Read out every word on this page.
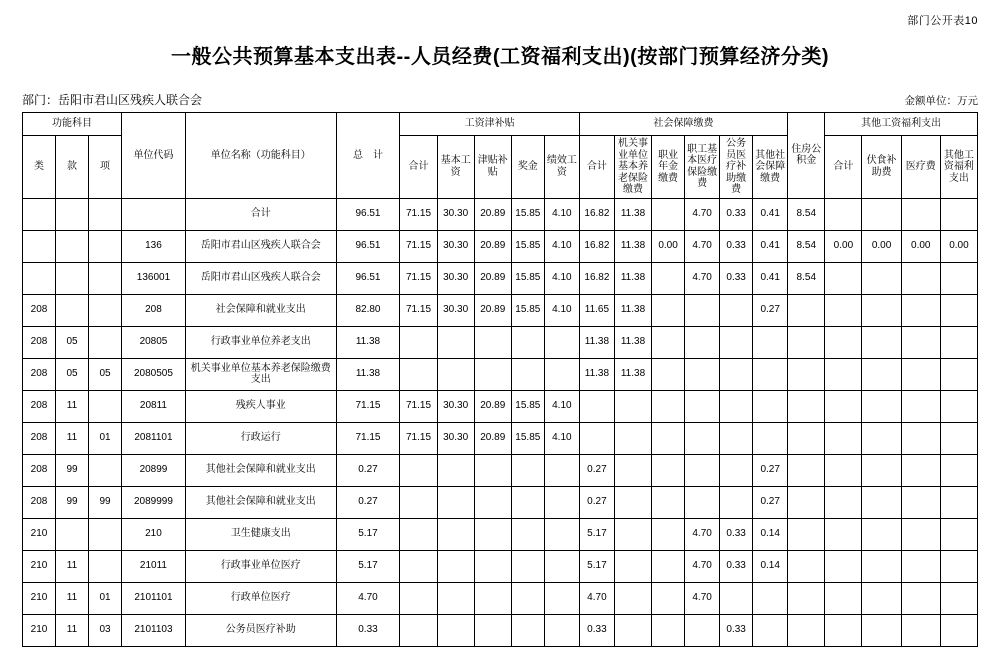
部门公开表10
一般公共预算基本支出表--人员经费(工资福利支出)(按部门预算经济分类)
部门：岳阳市君山区残疾人联合会	金额单位：万元
功能科目			单位代码	单位名称（功能科目）	总　计	工资津补贴					社会保障缴费						住房公积金	其他工资福利支出			
类	款	项				合计	基本工资	津贴补贴	奖金	绩效工资	合计	机关事业单位基本养老保险缴费	职业年金缴费	职工基本医疗保险缴费	公务员医疗补助缴费	其他社会保障缴费		合计	伏食补助费	医疗费	其他工资福利支出
				合计	96.51	71.15	30.30	20.89	15.85	4.10	16.82	11.38		4.70	0.33	0.41	8.54				
			136	岳阳市君山区残疾人联合会	96.51	71.15	30.30	20.89	15.85	4.10	16.82	11.38	0.00	4.70	0.33	0.41	8.54	0.00	0.00	0.00	0.00
			136001	岳阳市君山区残疾人联合会	96.51	71.15	30.30	20.89	15.85	4.10	16.82	11.38		4.70	0.33	0.41	8.54				
208			208	社会保障和就业支出	82.80	71.15	30.30	20.89	15.85	4.10	11.65	11.38				0.27					
208	05		20805	行政事业单位养老支出	11.38						11.38	11.38									
208	05	05	2080505	机关事业单位基本养老保险缴费支出	11.38						11.38	11.38									
208	11		20811	残疾人事业	71.15	71.15	30.30	20.89	15.85	4.10											
208	11	01	2081101	行政运行	71.15	71.15	30.30	20.89	15.85	4.10											
208	99		20899	其他社会保障和就业支出	0.27						0.27					0.27					
208	99	99	2089999	其他社会保障和就业支出	0.27						0.27					0.27					
210			210	卫生健康支出	5.17						5.17			4.70	0.33	0.14					
210	11		21011	行政事业单位医疗	5.17						5.17			4.70	0.33	0.14					
210	11	01	2101101	行政单位医疗	4.70						4.70			4.70							
210	11	03	2101103	公务员医疗补助	0.33						0.33				0.33						
